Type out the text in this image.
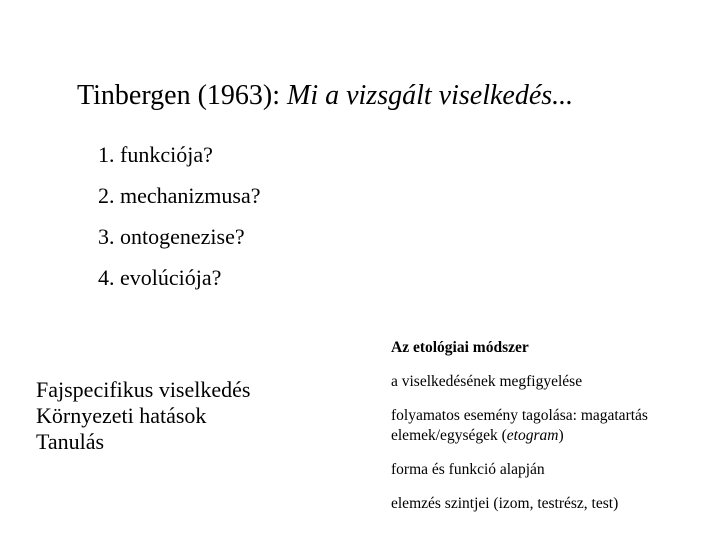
Tinbergen (1963): Mi a vizsgált viselkedés...
1. funkciója?
2. mechanizmusa?
3. ontogenezise?
4. evolúciója?
Fajspecifikus viselkedés
Környezeti hatások
Tanulás
Az etológiai módszer
a viselkedésének megfigyelése
folyamatos esemény tagolása: magatartás elemek/egységek (etogram)
forma és funkció alapján
elemzés szintjei (izom, testrész, test)
